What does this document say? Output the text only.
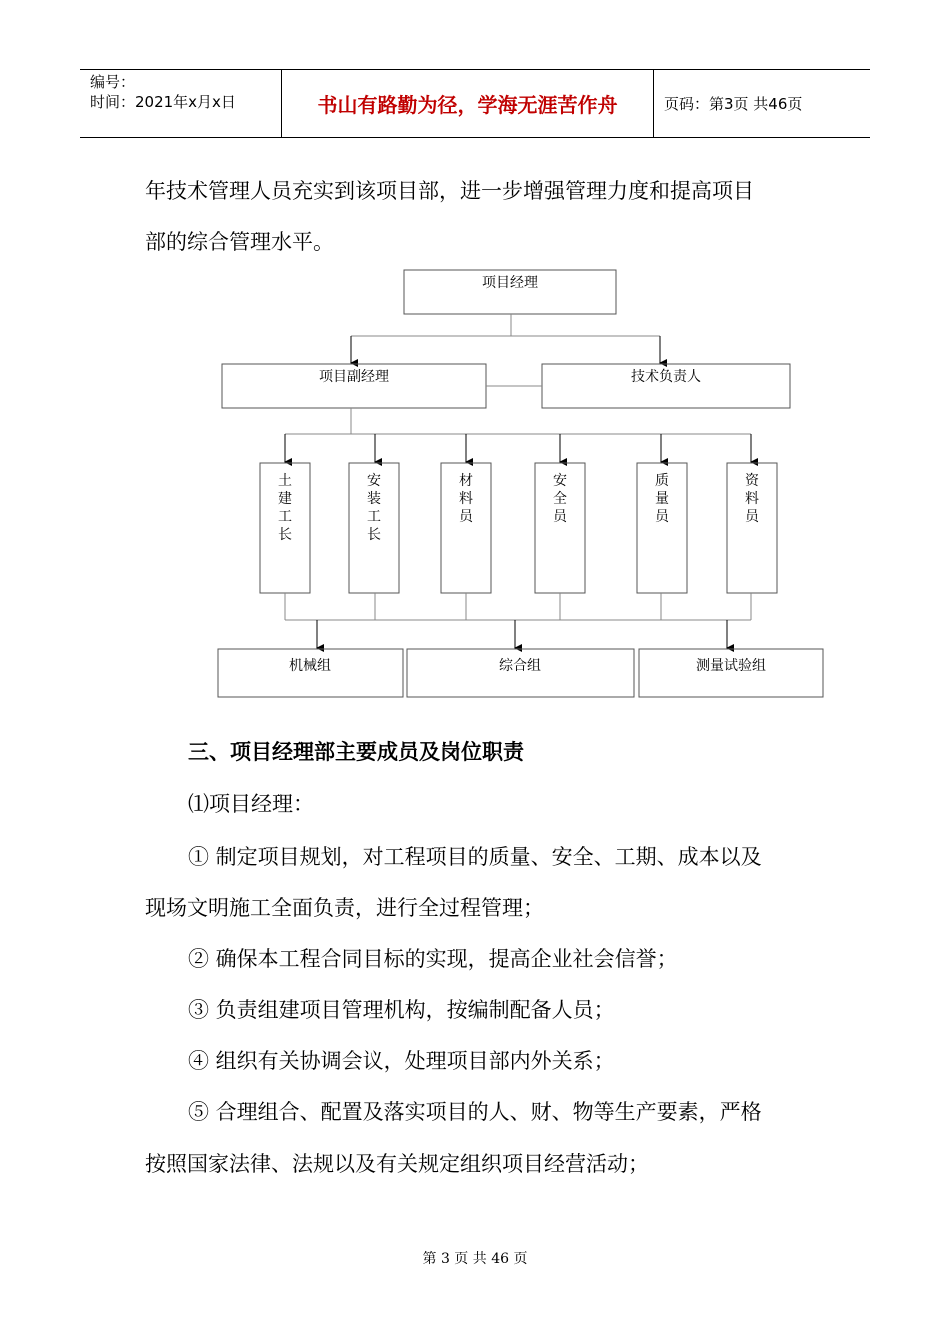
编号：
时间：2021年x月x日	书山有路勤为径，学海无涯苦作舟	页码：第3页 共46页
年技术管理人员充实到该项目部，进一步增强管理力度和提高项目
部的综合管理水平。
项目经理
项目副经理	技术负责人
机械组	综合组	测量试验组
土建工长
安装工长
材料员
安全员
质量员
资料员
三、项目经理部主要成员及岗位职责
⑴项目经理：
① 制定项目规划，对工程项目的质量、安全、工期、成本以及
现场文明施工全面负责，进行全过程管理；
② 确保本工程合同目标的实现，提高企业社会信誉；
③ 负责组建项目管理机构，按编制配备人员；
④ 组织有关协调会议，处理项目部内外关系；
⑤ 合理组合、配置及落实项目的人、财、物等生产要素，严格
按照国家法律、法规以及有关规定组织项目经营活动；
第 3 页 共 46 页
